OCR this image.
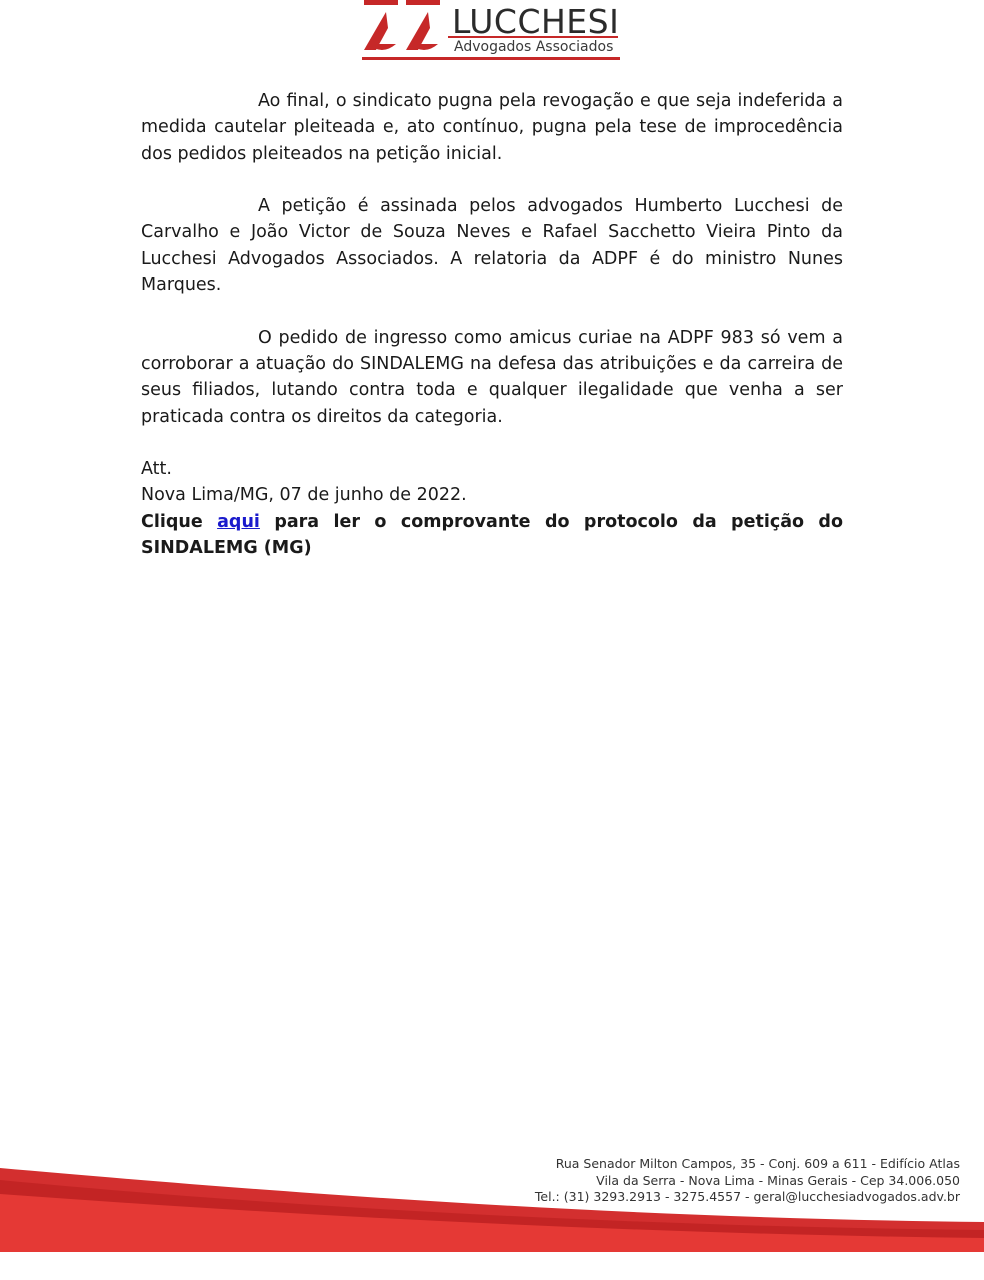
LUCCHESI
Advogados Associados

Ao final, o sindicato pugna pela revogação e que seja indeferida a medida cautelar pleiteada e, ato contínuo, pugna pela tese de improcedência dos pedidos pleiteados na petição inicial.

A petição é assinada pelos advogados Humberto Lucchesi de Carvalho e João Victor de Souza Neves e Rafael Sacchetto Vieira Pinto da Lucchesi Advogados Associados. A relatoria da ADPF é do ministro Nunes Marques.

O pedido de ingresso como amicus curiae na ADPF 983 só vem a corroborar a atuação do SINDALEMG na defesa das atribuições e da carreira de seus filiados, lutando contra toda e qualquer ilegalidade que venha a ser praticada contra os direitos da categoria.

Att.

Nova Lima/MG, 07 de junho de 2022.

Clique aqui para ler o comprovante do protocolo da petição do SINDALEMG (MG)

Rua Senador Milton Campos, 35 - Conj. 609 a 611 - Edifício Atlas
Vila da Serra - Nova Lima - Minas Gerais - Cep 34.006.050
Tel.: (31) 3293.2913 - 3275.4557 - geral@lucchesiadvogados.adv.br
